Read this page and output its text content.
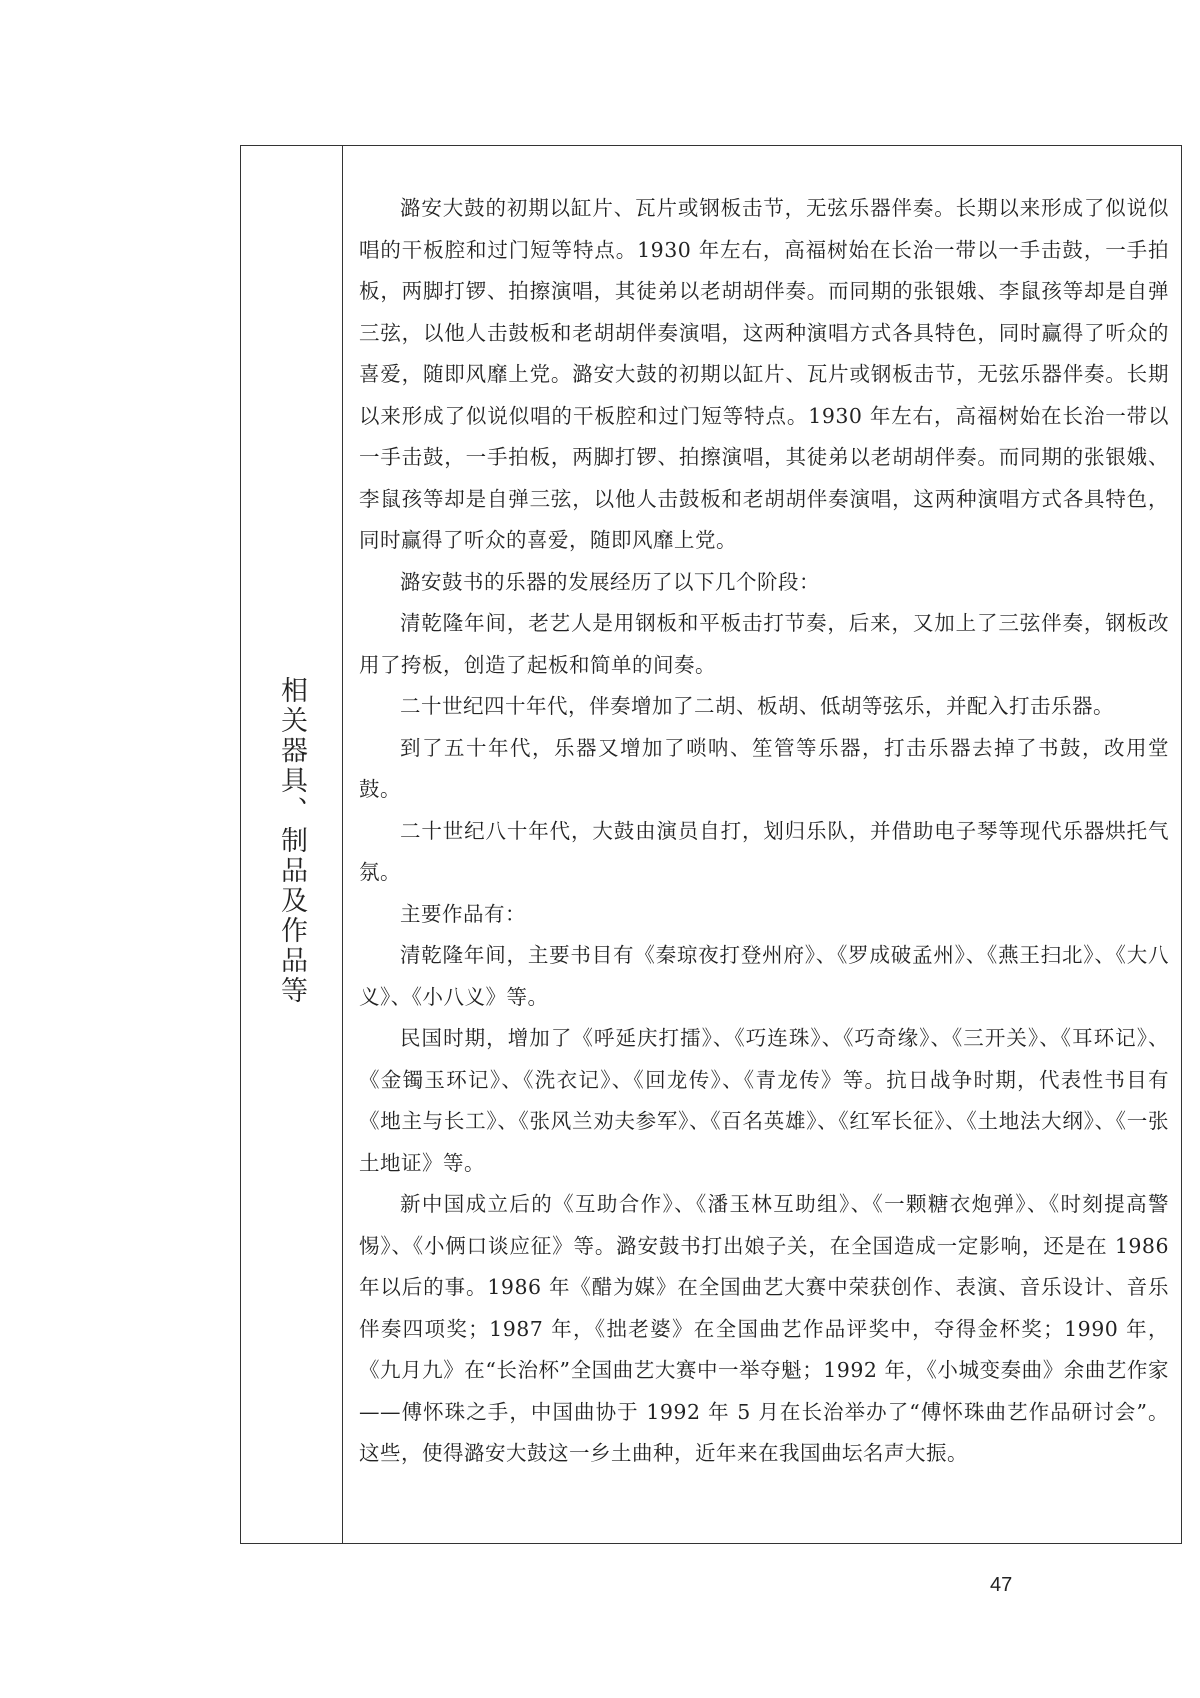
相关器具、制品及作品等

潞安大鼓的初期以缸片、瓦片或钢板击节，无弦乐器伴奏。长期以来形成了似说似唱的干板腔和过门短等特点。1930 年左右，高福树始在长治一带以一手击鼓，一手拍板，两脚打锣、拍擦演唱，其徒弟以老胡胡伴奏。而同期的张银娥、李鼠孩等却是自弹三弦，以他人击鼓板和老胡胡伴奏演唱，这两种演唱方式各具特色，同时赢得了听众的喜爱，随即风靡上党。潞安大鼓的初期以缸片、瓦片或钢板击节，无弦乐器伴奏。长期以来形成了似说似唱的干板腔和过门短等特点。1930 年左右，高福树始在长治一带以一手击鼓，一手拍板，两脚打锣、拍擦演唱，其徒弟以老胡胡伴奏。而同期的张银娥、李鼠孩等却是自弹三弦，以他人击鼓板和老胡胡伴奏演唱，这两种演唱方式各具特色，同时赢得了听众的喜爱，随即风靡上党。

潞安鼓书的乐器的发展经历了以下几个阶段：

清乾隆年间，老艺人是用钢板和平板击打节奏，后来，又加上了三弦伴奏，钢板改用了挎板，创造了起板和简单的间奏。

二十世纪四十年代，伴奏增加了二胡、板胡、低胡等弦乐，并配入打击乐器。

到了五十年代，乐器又增加了唢呐、笙管等乐器，打击乐器去掉了书鼓，改用堂鼓。

二十世纪八十年代，大鼓由演员自打，划归乐队，并借助电子琴等现代乐器烘托气氛。

主要作品有：

清乾隆年间，主要书目有《秦琼夜打登州府》、《罗成破孟州》、《燕王扫北》、《大八义》、《小八义》等。

民国时期，增加了《呼延庆打擂》、《巧连珠》、《巧奇缘》、《三开关》、《耳环记》、《金镯玉环记》、《洗衣记》、《回龙传》、《青龙传》等。抗日战争时期，代表性书目有《地主与长工》、《张风兰劝夫参军》、《百名英雄》、《红军长征》、《土地法大纲》、《一张土地证》等。

新中国成立后的《互助合作》、《潘玉林互助组》、《一颗糖衣炮弹》、《时刻提高警惕》、《小俩口谈应征》等。潞安鼓书打出娘子关，在全国造成一定影响，还是在 1986 年以后的事。1986 年《醋为媒》在全国曲艺大赛中荣获创作、表演、音乐设计、音乐伴奏四项奖；1987 年，《拙老婆》在全国曲艺作品评奖中，夺得金杯奖；1990 年，《九月九》在“长治杯”全国曲艺大赛中一举夺魁；1992 年，《小城变奏曲》余曲艺作家——傅怀珠之手，中国曲协于 1992 年 5 月在长治举办了“傅怀珠曲艺作品研讨会”。这些，使得潞安大鼓这一乡土曲种，近年来在我国曲坛名声大振。

47
